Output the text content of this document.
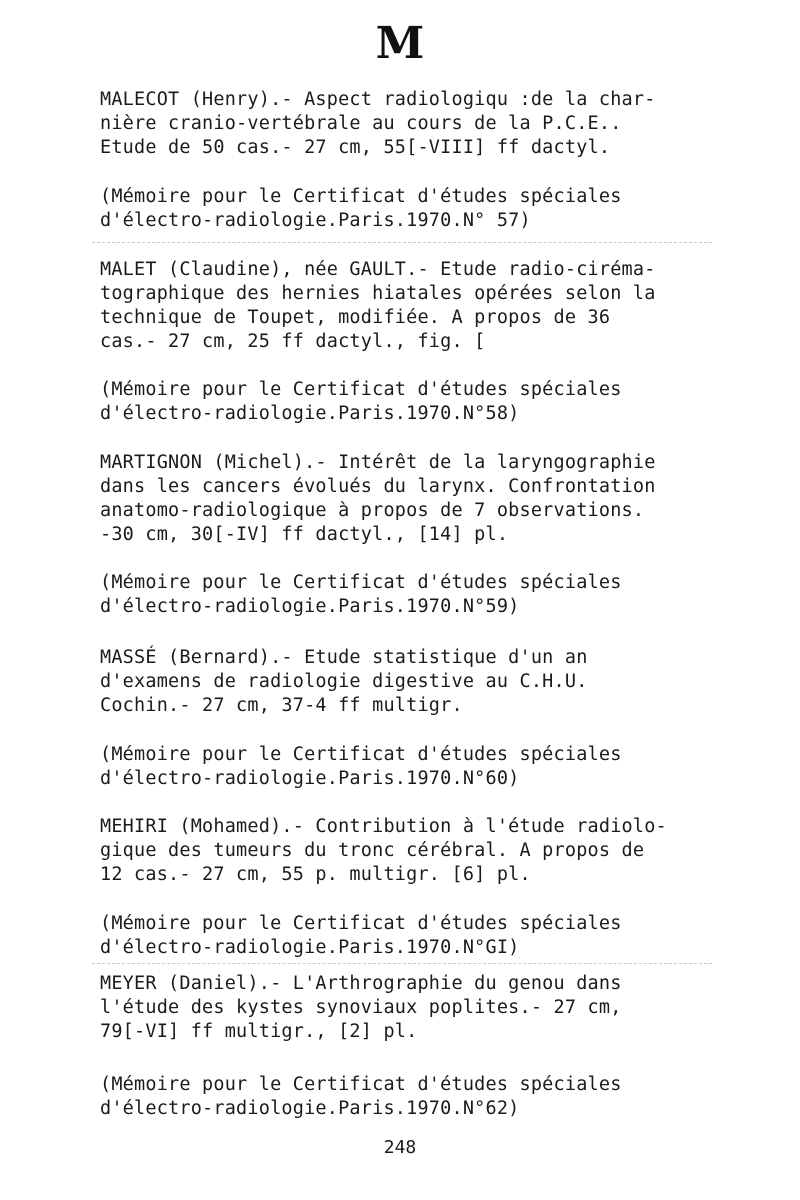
M
MALECOT (Henry).- Aspect radiologiqu :de la char-
nière cranio-vertébrale au cours de la P.C.E..
Etude de 50 cas.- 27 cm, 55[-VIII] ff dactyl.
(Mémoire pour le Certificat d'études spéciales
d'électro-radiologie.Paris.1970.N° 57)
MALET (Claudine), née GAULT.- Etude radio-ciréma-
tographique des hernies hiatales opérées selon la
technique de Toupet, modifiée. A propos de 36
cas.- 27 cm, 25 ff dactyl., fig. [
(Mémoire pour le Certificat d'études spéciales
d'électro-radiologie.Paris.1970.N°58)
MARTIGNON (Michel).- Intérêt de la laryngographie
dans les cancers évolués du larynx. Confrontation
anatomo-radiologique à propos de 7 observations.
-30 cm, 30[-IV] ff dactyl., [14] pl.
(Mémoire pour le Certificat d'études spéciales
d'électro-radiologie.Paris.1970.N°59)
MASSÉ (Bernard).- Etude statistique d'un an
d'examens de radiologie digestive au C.H.U.
Cochin.- 27 cm, 37-4 ff multigr.
(Mémoire pour le Certificat d'études spéciales
d'électro-radiologie.Paris.1970.N°60)
MEHIRI (Mohamed).- Contribution à l'étude radiolo-
gique des tumeurs du tronc cérébral. A propos de
12 cas.- 27 cm, 55 p. multigr. [6] pl.
(Mémoire pour le Certificat d'études spéciales
d'électro-radiologie.Paris.1970.N°GI)
MEYER (Daniel).- L'Arthrographie du genou dans
l'étude des kystes synoviaux poplites.- 27 cm,
79[-VI] ff multigr., [2] pl.
(Mémoire pour le Certificat d'études spéciales
d'électro-radiologie.Paris.1970.N°62)
248
